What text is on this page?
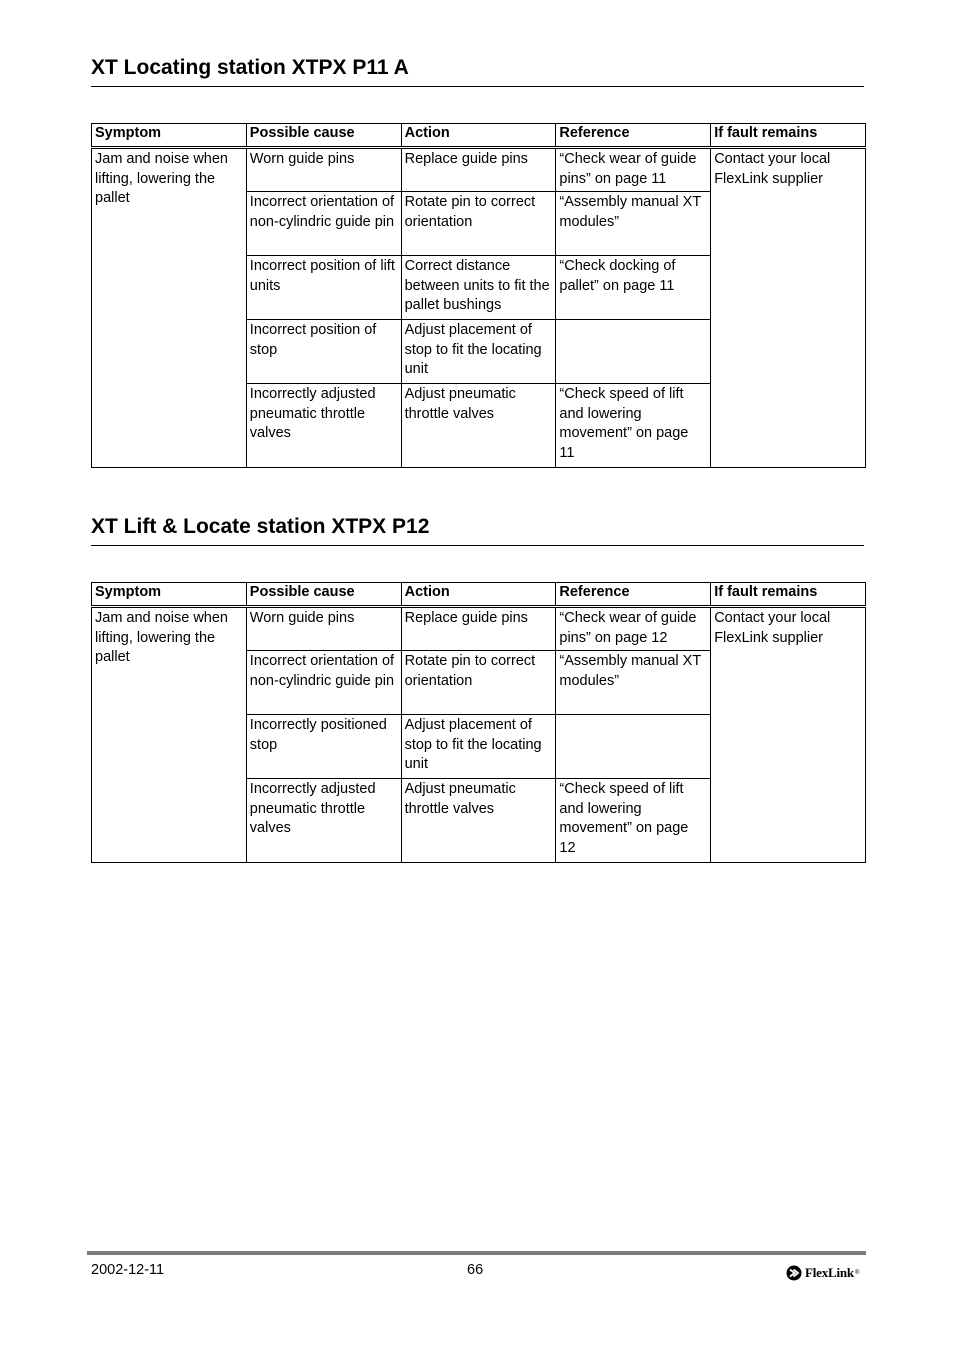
XT Locating station XTPX P11 A
Symptom	Possible cause	Action	Reference	If fault remains
Jam and noise when lifting, lowering the pallet	Worn guide pins	Replace guide pins	“Check wear of guide pins” on page 11	Contact your local FlexLink supplier
	Incorrect orientation of non-cylindric guide pin	Rotate pin to correct orientation	“Assembly manual XT modules”	
	Incorrect position of lift units	Correct distance between units to fit the pallet bushings	“Check docking of pallet” on page 11	
	Incorrect position of stop	Adjust placement of stop to fit the locating unit		
	Incorrectly adjusted pneumatic throttle valves	Adjust pneumatic throttle valves	“Check speed of lift and lowering movement” on page 11	
XT Lift & Locate station XTPX P12
Symptom	Possible cause	Action	Reference	If fault remains
Jam and noise when lifting, lowering the pallet	Worn guide pins	Replace guide pins	“Check wear of guide pins” on page 12	Contact your local FlexLink supplier
	Incorrect orientation of non-cylindric guide pin	Rotate pin to correct orientation	“Assembly manual XT modules”	
	Incorrectly positioned stop	Adjust placement of stop to fit the locating unit		
	Incorrectly adjusted pneumatic throttle valves	Adjust pneumatic throttle valves	“Check speed of lift and lowering movement” on page 12	
2002-12-11	66	FlexLink ®
